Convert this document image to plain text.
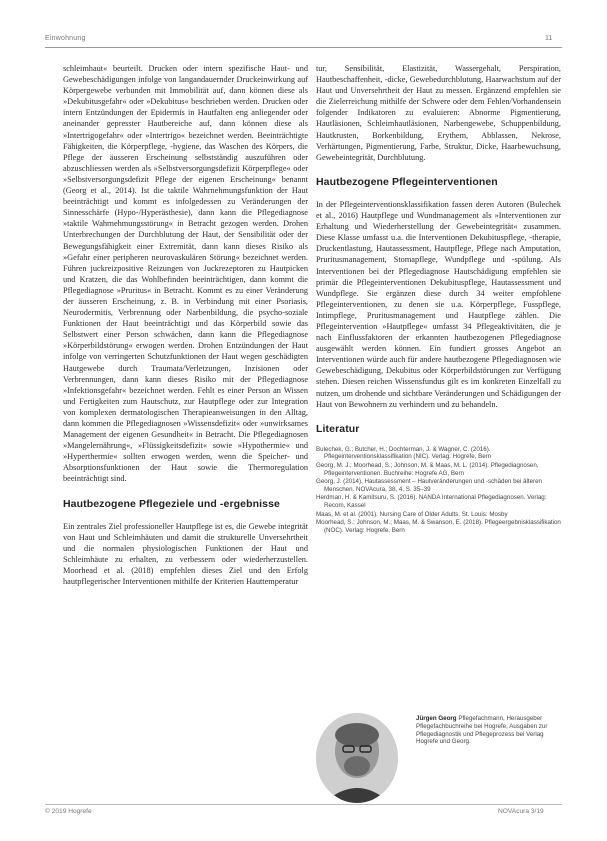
Einwohnung	11

schleimhaut« beurteilt. Drucken oder intern spezifische Haut- und Gewebeschädigungen infolge von langandauernder Druckeinwirkung auf Körpergewebe verbunden mit Immobilität auf, dann können diese als »Dekubitusgefahr« oder »Dekubitus« beschrieben werden. Drucken oder intern Entzündungen der Epidermis in Hautfalten eng anliegender oder aneinander gepresster Hautbereiche auf, dann können diese als »Intertrigogefahr« oder »Intertrigo« bezeichnet werden. Beeinträchtigte Fähigkeiten, die Körperpflege, -hygiene, das Waschen des Körpers, die Pflege der äusseren Erscheinung selbstständig auszuführen oder abzuschliessen werden als »Selbstversorgungsdefizit Körperpflege« oder »Selbstversorgungsdefizit Pflege der eigenen Erscheinung« benannt (Georg et al., 2014). Ist die taktile Wahrnehmungsfunktion der Haut beeinträchtigt und kommt es infolgedessen zu Veränderungen der Sinnesschärfe (Hypo-/Hyperästhesie), dann kann die Pflegediagnose »taktile Wahrnehmungsstörung« in Betracht gezogen werden. Drohen Unterbrechungen der Durchblutung der Haut, der Sensibilität oder der Bewegungsfähigkeit einer Extremität, dann kann dieses Risiko als »Gefahr einer peripheren neurovaskulären Störung« bezeichnet werden. Führen juckreizpositive Reizungen von Juckrezeptoren zu Hautpicken und Kratzen, die das Wohlbefinden beeinträchtigen, dann kommt die Pflegediagnose »Pruritus« in Betracht. Kommt es zu einer Veränderung der äusseren Erscheinung, z. B. in Verbindung mit einer Psoriasis, Neurodermitis, Verbrennung oder Narbenbildung, die psycho-soziale Funktionen der Haut beeinträchtigt und das Körperbild sowie das Selbstwert einer Person schwächen, dann kann die Pflegediagnose »Körperbildstörung« erwogen werden. Drohen Entzündungen der Haut infolge von verringerten Schutzfunktionen der Haut wegen geschädigten Hautgewebe durch Traumata/Verletzungen, Inzisionen oder Verbrennungen, dann kann dieses Risiko mit der Pflegediagnose »Infektionsgefahr« bezeichnet werden. Fehlt es einer Person an Wissen und Fertigkeiten zum Hautschutz, zur Hautpflege oder zur Integration von komplexen dermatologischen Therapieanweisungen in den Alltag, dann kommen die Pflegediagnosen »Wissensdefizit« oder »unwirksames Management der eigenen Gesundheit« in Betracht. Die Pflegediagnosen »Mangelernährung«, »Flüssigkeitsdefizit« sowie »Hypothermie« und »Hyperthermie« sollten erwogen werden, wenn die Speicher- und Absorptionsfunktionen der Haut sowie die Thermoregulation beeinträchtigt sind.

Hautbezogene Pflegeziele und -ergebnisse

Ein zentrales Ziel professioneller Hautpflege ist es, die Gewebe integrität von Haut und Schleimhäuten und damit die strukturelle Unversehrtheit und die normalen physiologischen Funktionen der Haut und Schleimhäute zu erhalten, zu verbessern oder wiederherzustellen. Moorhead et al. (2018) empfehlen dieses Ziel und den Erfolg hautpflegerischer Interventionen mithilfe der Kriterien Hauttemperatur

tur, Sensibilität, Elastizität, Wassergehalt, Perspiration, Hautbeschaffenheit, -dicke, Gewebedurchblutung, Haarwachstum auf der Haut und Unversehrtheit der Haut zu messen. Ergänzend empfehlen sie die Zielerreichung mithilfe der Schwere oder dem Fehlen/Vorhandensein folgender Indikatoren zu evaluieren: Abnorme Pigmentierung, Hautläsionen, Schleimhautläsionen, Narbengewebe, Schuppenbildung, Hautkrusten, Borkenbildung, Erythem, Abblassen, Nekrose, Verhärtungen, Pigmentierung, Farbe, Struktur, Dicke, Haarbewuchsung, Gewebeintegrität, Durchblutung.

Hautbezogene Pflegeinterventionen

In der Pflegeinterventionsklassifikation fassen deren Autoren (Bulechek et al., 2016) Hautpflege und Wundmanagement als »Interventionen zur Erhaltung und Wiederherstellung der Gewebeintegrität« zusammen. Diese Klasse umfasst u.a. die Interventionen Dekubituspflege, -therapie, Druckentlastung, Hautassessment, Hautpflege, Pflege nach Amputation, Pruritusmanagement, Stomapflege, Wundpflege und -spülung. Als Interventionen bei der Pflegediagnose Hautschädigung empfehlen sie primär die Pflegeinterventionen Dekubituspflege, Hautassessment und Wundpflege. Sie ergänzen diese durch 34 weiter empfohlene Pflegeinterventionen, zu denen sie u.a. Körperpflege, Fusspflege, Intimpflege, Pruritusmanagement und Hautpflege zählen. Die Pflegeintervention »Hautpflege« umfasst 34 Pflegeaktivitäten, die je nach Einflussfaktoren der erkannten hautbezogenen Pflegediagnose ausgewählt werden können. Ein fundiert grosses Angebot an Interventionen würde auch für andere hautbezogene Pflegediagnosen wie Gewebeschädigung, Dekubitus oder Körperbildstörungen zur Verfügung stehen. Diesen reichen Wissensfundus gilt es im konkreten Einzelfall zu nutzen, um drohende und sichtbare Veränderungen und Schädigungen der Haut von Bewohnern zu verhindern und zu behandeln.

Literatur
Bulechek, G.; Butcher, H.; Dochterman, J. & Wagner, C. (2016). Pflegeinterventionsklassifikation (NIC). Verlag: Hogrefe, Bern
Georg, M. J.; Moorhead, S.; Johnson, M. & Maas, M. L. (2014). Pflegediagnosen, Pflegeinterventionen. Buchreihe: Hogrefe AG, Bern
Georg, J. (2014). Hautassessment – Hautveränderungen und -schäden bei älteren Menschen. NOVAcura, 38, 4, S. 35–39
Herdman, H. & Kamitsuru, S. (2016). NANDA International Pflegediagnosen. Verlag: Recom, Kassel
Maas, M. et al. (2001). Nursing Care of Older Adults. St. Louis: Mosby
Moorhead, S.; Johnson, M.; Maas, M. & Swanson, E. (2018). Pflegeergebnisklassifikation (NOC). Verlag: Hogrefe, Bern
Jürgen Georg Pflegefachmann, Herausgeber Pflegefachbuchreihe bei Hogrefe, Ausgaben zur Pflegediagnostik und Pflegeprozess bei Verlag Hogrefe und Georg.
© 2019 Hogrefe	NOVAcura 3/19
